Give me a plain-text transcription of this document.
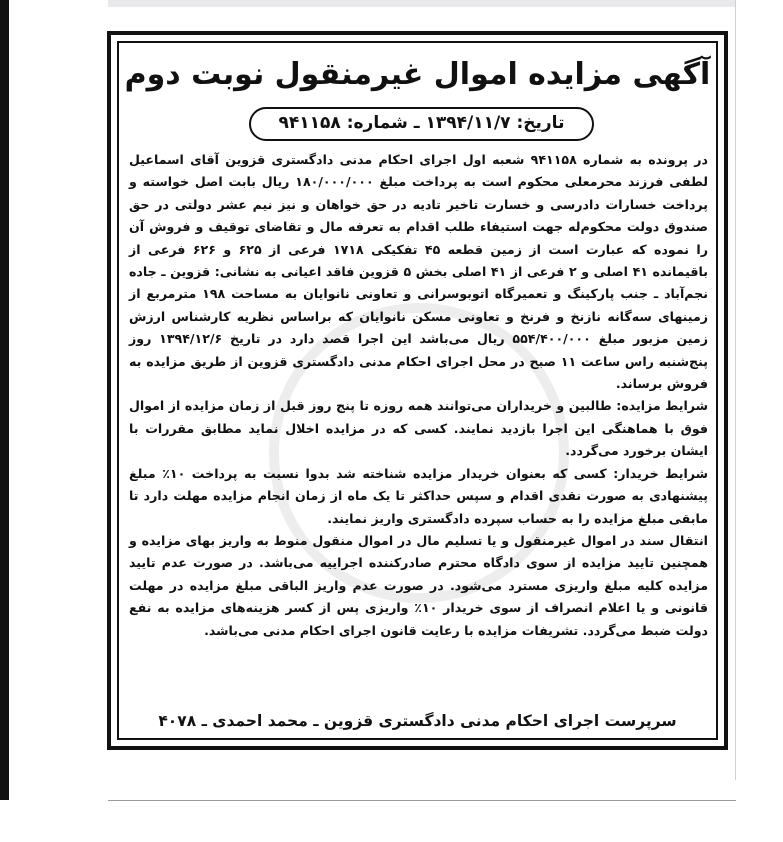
آگهی مزایده اموال غیرمنقول نوبت دوم
تاریخ: ۱۳۹۴/۱۱/۷ ـ شماره: ۹۴۱۱۵۸

در پرونده به شماره ۹۴۱۱۵۸ شعبه اول اجرای احکام مدنی دادگستری قزوین آقای اسماعیل لطفی فرزند محرمعلی محکوم است به پرداخت مبلغ ۱۸۰/۰۰۰/۰۰۰ ریال بابت اصل خواسته و پرداخت خسارات دادرسی و خسارت تاخیر تادیه در حق خواهان و نیز نیم عشر دولتی در حق صندوق دولت محکوم‌له جهت استیفاء طلب اقدام به تعرفه مال و تقاضای توقیف و فروش آن را نموده که عبارت است از زمین قطعه ۴۵ تفکیکی ۱۷۱۸ فرعی از ۶۲۵ و ۶۲۶ فرعی از باقیمانده ۴۱ اصلی و ۲ فرعی از ۴۱ اصلی بخش ۵ قزوین فاقد اعیانی به نشانی: قزوین ـ جاده نجم‌آباد ـ جنب پارکینگ و تعمیرگاه اتوبوسرانی و تعاونی نانوایان به مساحت ۱۹۸ مترمربع از زمینهای سه‌گانه نازنخ و فرنخ و تعاونی مسکن نانوایان که براساس نظریه کارشناس ارزش زمین مزبور مبلغ ۵۵۴/۴۰۰/۰۰۰ ریال می‌باشد این اجرا قصد دارد در تاریخ ۱۳۹۴/۱۲/۶ روز پنج‌شنبه راس ساعت ۱۱ صبح در محل اجرای احکام مدنی دادگستری قزوین از طریق مزایده به فروش برساند.

شرایط مزایده: طالبین و خریداران می‌توانند همه روزه تا پنج روز قبل از زمان مزایده از اموال فوق با هماهنگی این اجرا بازدید نمایند. کسی که در مزایده اخلال نماید مطابق مقررات با ایشان برخورد می‌گردد.

شرایط خریدار: کسی که بعنوان خریدار مزایده شناخته شد بدوا نسبت به پرداخت ۱۰٪ مبلغ پیشنهادی به صورت نقدی اقدام و سپس حداکثر تا یک ماه از زمان انجام مزایده مهلت دارد تا مابقی مبلغ مزایده را به حساب سپرده دادگستری واریز نمایند.

انتقال سند در اموال غیرمنقول و یا تسلیم مال در اموال منقول منوط به واریز بهای مزایده و همچنین تایید مزایده از سوی دادگاه محترم صادرکننده اجراییه می‌باشد. در صورت عدم تایید مزایده کلیه مبلغ واریزی مسترد می‌شود. در صورت عدم واریز الباقی مبلغ مزایده در مهلت قانونی و یا اعلام انصراف از سوی خریدار ۱۰٪ واریزی پس از کسر هزینه‌های مزایده به نفع دولت ضبط می‌گردد. تشریفات مزایده با رعایت قانون اجرای احکام مدنی می‌باشد.

سرپرست اجرای احکام مدنی دادگستری قزوین ـ محمد احمدی ـ ۴۰۷۸
